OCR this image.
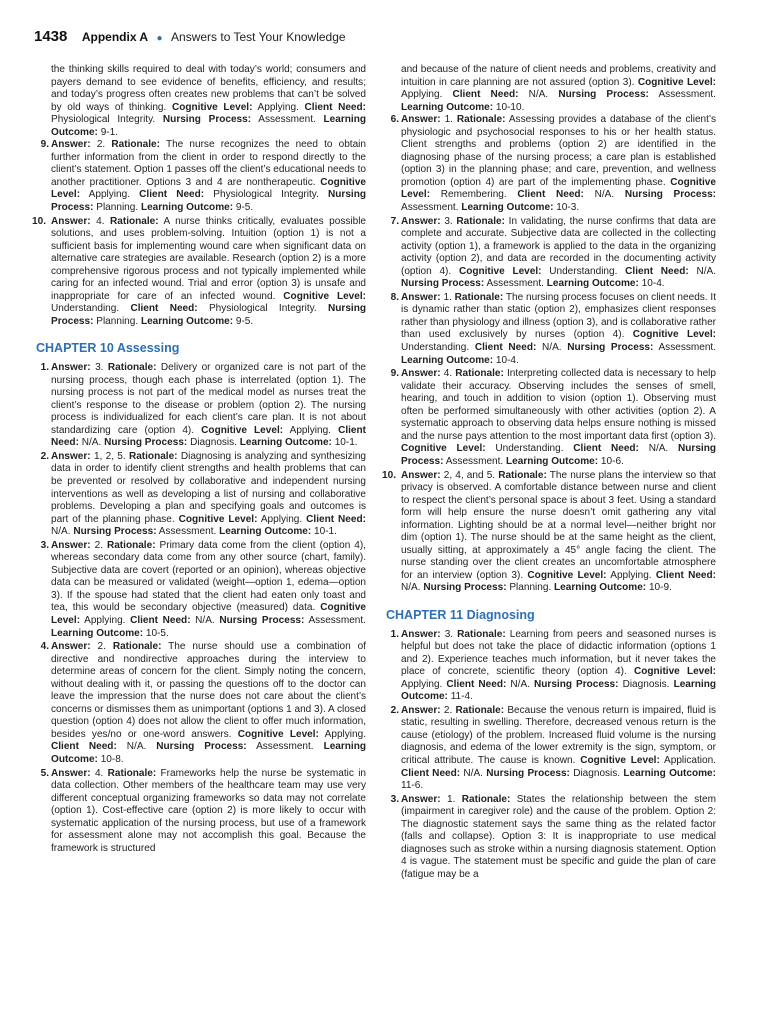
1438 Appendix A ● Answers to Test Your Knowledge
the thinking skills required to deal with today’s world; consumers and payers demand to see evidence of benefits, efficiency, and results; and today’s progress often creates new problems that can’t be solved by old ways of thinking. Cognitive Level: Applying. Client Need: Physiological Integrity. Nursing Process: Assessment. Learning Outcome: 9-1.
9. Answer: 2. Rationale: The nurse recognizes the need to obtain further information from the client in order to respond directly to the client’s statement. Option 1 passes off the client’s educational needs to another practitioner. Options 3 and 4 are nontherapeutic. Cognitive Level: Applying. Client Need: Physiological Integrity. Nursing Process: Planning. Learning Outcome: 9-5.
10. Answer: 4. Rationale: A nurse thinks critically, evaluates possible solutions, and uses problem-solving. Intuition (option 1) is not a sufficient basis for implementing wound care when significant data on alternative care strategies are available. Research (option 2) is a more comprehensive rigorous process and not typically implemented while caring for an infected wound. Trial and error (option 3) is unsafe and inappropriate for care of an infected wound. Cognitive Level: Understanding. Client Need: Physiological Integrity. Nursing Process: Planning. Learning Outcome: 9-5.
CHAPTER 10 Assessing
1. Answer: 3. Rationale: Delivery or organized care is not part of the nursing process, though each phase is interrelated (option 1). The nursing process is not part of the medical model as nurses treat the client’s response to the disease or problem (option 2). The nursing process is individualized for each client’s care plan. It is not about standardizing care (option 4). Cognitive Level: Applying. Client Need: N/A. Nursing Process: Diagnosis. Learning Outcome: 10-1.
2. Answer: 1, 2, 5. Rationale: Diagnosing is analyzing and synthesizing data in order to identify client strengths and health problems that can be prevented or resolved by collaborative and independent nursing interventions as well as developing a list of nursing and collaborative problems. Developing a plan and specifying goals and outcomes is part of the planning phase. Cognitive Level: Applying. Client Need: N/A. Nursing Process: Assessment. Learning Outcome: 10-1.
3. Answer: 2. Rationale: Primary data come from the client (option 4), whereas secondary data come from any other source (chart, family). Subjective data are covert (reported or an opinion), whereas objective data can be measured or validated (weight—option 1, edema—option 3). If the spouse had stated that the client had eaten only toast and tea, this would be secondary objective (measured) data. Cognitive Level: Applying. Client Need: N/A. Nursing Process: Assessment. Learning Outcome: 10-5.
4. Answer: 2. Rationale: The nurse should use a combination of directive and nondirective approaches during the interview to determine areas of concern for the client. Simply noting the concern, without dealing with it, or passing the questions off to the doctor can leave the impression that the nurse does not care about the client’s concerns or dismisses them as unimportant (options 1 and 3). A closed question (option 4) does not allow the client to offer much information, besides yes/no or one-word answers. Cognitive Level: Applying. Client Need: N/A. Nursing Process: Assessment. Learning Outcome: 10-8.
5. Answer: 4. Rationale: Frameworks help the nurse be systematic in data collection. Other members of the healthcare team may use very different conceptual organizing frameworks so data may not correlate (option 1). Cost-effective care (option 2) is more likely to occur with systematic application of the nursing process, but use of a framework for assessment alone may not accomplish this goal. Because the framework is structured
and because of the nature of client needs and problems, creativity and intuition in care planning are not assured (option 3). Cognitive Level: Applying. Client Need: N/A. Nursing Process: Assessment. Learning Outcome: 10-10.
6. Answer: 1. Rationale: Assessing provides a database of the client’s physiologic and psychosocial responses to his or her health status. Client strengths and problems (option 2) are identified in the diagnosing phase of the nursing process; a care plan is established (option 3) in the planning phase; and care, prevention, and wellness promotion (option 4) are part of the implementing phase. Cognitive Level: Remembering. Client Need: N/A. Nursing Process: Assessment. Learning Outcome: 10-3.
7. Answer: 3. Rationale: In validating, the nurse confirms that data are complete and accurate. Subjective data are collected in the collecting activity (option 1), a framework is applied to the data in the organizing activity (option 2), and data are recorded in the documenting activity (option 4). Cognitive Level: Understanding. Client Need: N/A. Nursing Process: Assessment. Learning Outcome: 10-4.
8. Answer: 1. Rationale: The nursing process focuses on client needs. It is dynamic rather than static (option 2), emphasizes client responses rather than physiology and illness (option 3), and is collaborative rather than used exclusively by nurses (option 4). Cognitive Level: Understanding. Client Need: N/A. Nursing Process: Assessment. Learning Outcome: 10-4.
9. Answer: 4. Rationale: Interpreting collected data is necessary to help validate their accuracy. Observing includes the senses of smell, hearing, and touch in addition to vision (option 1). Observing must often be performed simultaneously with other activities (option 2). A systematic approach to observing data helps ensure nothing is missed and the nurse pays attention to the most important data first (option 3). Cognitive Level: Understanding. Client Need: N/A. Nursing Process: Assessment. Learning Outcome: 10-6.
10. Answer: 2, 4, and 5. Rationale: The nurse plans the interview so that privacy is observed. A comfortable distance between nurse and client to respect the client’s personal space is about 3 feet. Using a standard form will help ensure the nurse doesn’t omit gathering any vital information. Lighting should be at a normal level—neither bright nor dim (option 1). The nurse should be at the same height as the client, usually sitting, at approximately a 45° angle facing the client. The nurse standing over the client creates an uncomfortable atmosphere for an interview (option 3). Cognitive Level: Applying. Client Need: N/A. Nursing Process: Planning. Learning Outcome: 10-9.
CHAPTER 11 Diagnosing
1. Answer: 3. Rationale: Learning from peers and seasoned nurses is helpful but does not take the place of didactic information (options 1 and 2). Experience teaches much information, but it never takes the place of concrete, scientific theory (option 4). Cognitive Level: Applying. Client Need: N/A. Nursing Process: Diagnosis. Learning Outcome: 11-4.
2. Answer: 2. Rationale: Because the venous return is impaired, fluid is static, resulting in swelling. Therefore, decreased venous return is the cause (etiology) of the problem. Increased fluid volume is the nursing diagnosis, and edema of the lower extremity is the sign, symptom, or critical attribute. The cause is known. Cognitive Level: Application. Client Need: N/A. Nursing Process: Diagnosis. Learning Outcome: 11-6.
3. Answer: 1. Rationale: States the relationship between the stem (impairment in caregiver role) and the cause of the problem. Option 2: The diagnostic statement says the same thing as the related factor (falls and collapse). Option 3: It is inappropriate to use medical diagnoses such as stroke within a nursing diagnosis statement. Option 4 is vague. The statement must be specific and guide the plan of care (fatigue may be a
